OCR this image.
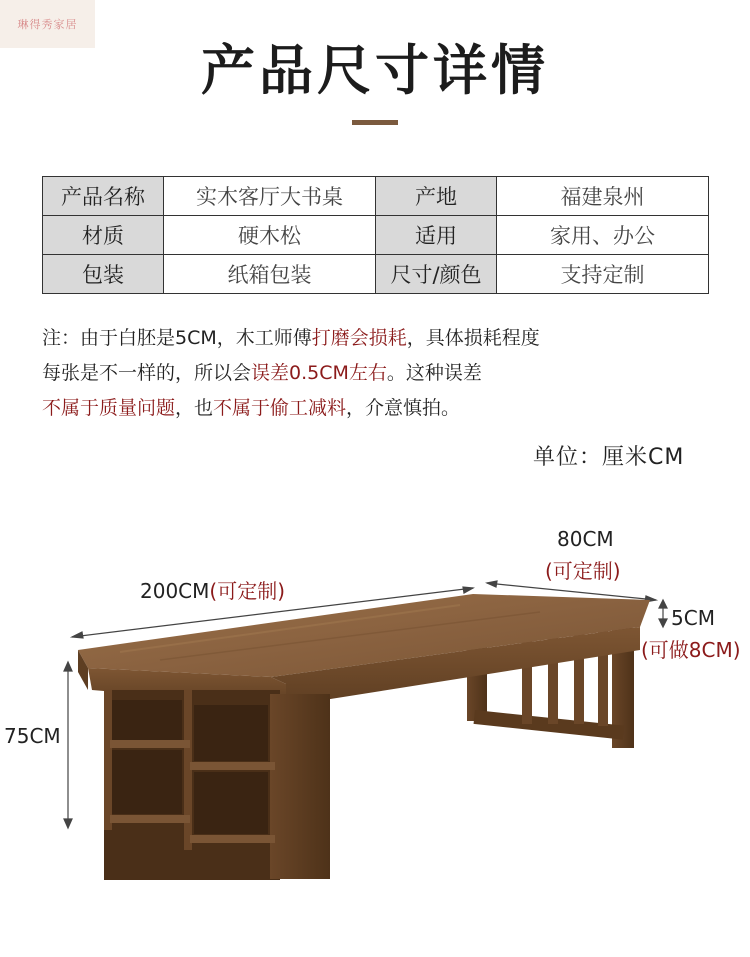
琳得秀家居
产品尺寸详情
产品名称	实木客厅大书桌	产地	福建泉州
材质	硬木松	适用	家用、办公
包装	纸箱包装	尺寸/颜色	支持定制
注：由于白胚是5CM，木工师傅打磨会损耗，具体损耗程度
每张是不一样的，所以会误差0.5CM左右。这种误差
不属于质量问题，也不属于偷工减料，介意慎拍。
单位：厘米CM
200CM(可定制)
80CM
(可定制)
5CM
(可做8CM)
75CM
